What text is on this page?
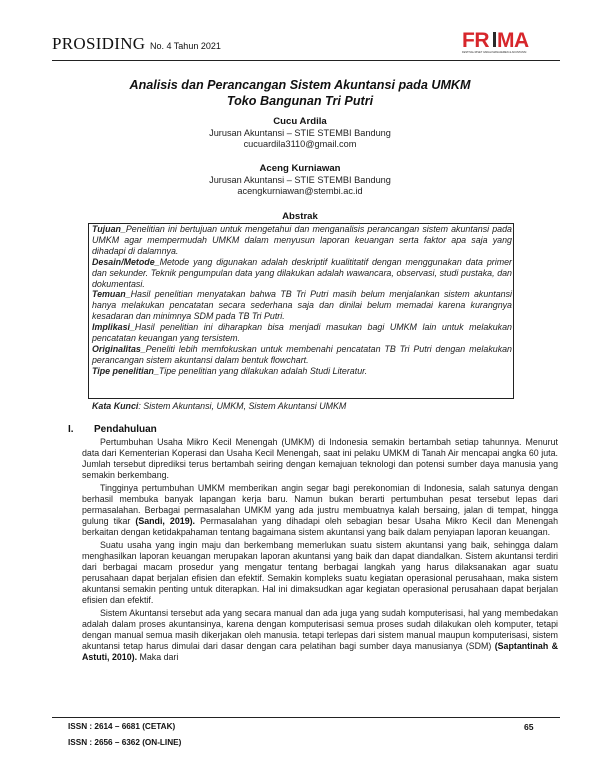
PROSIDING No. 4 Tahun 2021	FR MA
FESTIVAL RISET ILMIAH MANAJEMEN & AKUNTANSI
Analisis dan Perancangan Sistem Akuntansi pada UMKM
Toko Bangunan Tri Putri
Cucu Ardila
Jurusan Akuntansi – STIE STEMBI Bandung
cucuardila3110@gmail.com
Aceng Kurniawan
Jurusan Akuntansi – STIE STEMBI Bandung
acengkurniawan@stembi.ac.id
Abstrak

Tujuan_Penelitian ini bertujuan untuk mengetahui dan menganalisis perancangan sistem akuntansi pada UMKM agar mempermudah UMKM dalam menyusun laporan keuangan serta faktor apa saja yang dihadapi di dalamnya.

Desain/Metode_Metode yang digunakan adalah deskriptif kualititatif dengan menggunakan data primer dan sekunder. Teknik pengumpulan data yang dilakukan adalah wawancara, observasi, studi pustaka, dan dokumentasi.

Temuan_Hasil penelitian menyatakan bahwa TB Tri Putri masih belum menjalankan sistem akuntansi hanya melakukan pencatatan secara sederhana saja dan dinilai belum memadai karena kurangnya kesadaran dan minimnya SDM pada TB Tri Putri.

Implikasi_Hasil penelitian ini diharapkan bisa menjadi masukan bagi UMKM lain untuk melakukan pencatatan keuangan yang tersistem.

Originalitas_Peneliti lebih memfokuskan untuk membenahi pencatatan TB Tri Putri dengan melakukan perancangan sistem akuntansi dalam bentuk flowchart.

Tipe penelitian_Tipe penelitian yang dilakukan adalah Studi Literatur.

Kata Kunci: Sistem Akuntansi, UMKM, Sistem Akuntansi UMKM
I. Pendahuluan

Pertumbuhan Usaha Mikro Kecil Menengah (UMKM) di Indonesia semakin bertambah setiap tahunnya. Menurut data dari Kementerian Koperasi dan Usaha Kecil Menengah, saat ini pelaku UMKM di Tanah Air mencapai angka 60 juta. Jumlah tersebut diprediksi terus bertambah seiring dengan kemajuan teknologi dan potensi sumber daya manusia yang semakin berkembang.

Tingginya pertumbuhan UMKM memberikan angin segar bagi perekonomian di Indonesia, salah satunya dengan berhasil membuka banyak lapangan kerja baru. Namun bukan berarti pertumbuhan pesat tersebut lepas dari permasalahan. Berbagai permasalahan UMKM yang ada justru membuatnya kalah bersaing, jalan di tempat, hingga gulung tikar (Sandi, 2019). Permasalahan yang dihadapi oleh sebagian besar Usaha Mikro Kecil dan Menengah berkaitan dengan ketidakpahaman tentang bagaimana sistem akuntansi yang baik dalam penyiapan laporan keuangan.

Suatu usaha yang ingin maju dan berkembang memerlukan suatu sistem akuntansi yang baik, sehingga dalam menghasilkan laporan keuangan merupakan laporan akuntansi yang baik dan dapat diandalkan. Sistem akuntansi terdiri dari berbagai macam prosedur yang mengatur tentang berbagai langkah yang harus dilaksanakan agar suatu perusahaan dapat berjalan efisien dan efektif. Semakin kompleks suatu kegiatan operasional perusahaan, maka sistem akuntansi semakin penting untuk diterapkan. Hal ini dimaksudkan agar kegiatan operasional perusahaan dapat berjalan efisien dan efektif.

Sistem Akuntansi tersebut ada yang secara manual dan ada juga yang sudah komputerisasi, hal yang membedakan adalah dalam proses akuntansinya, karena dengan komputerisasi semua proses sudah dilakukan oleh komputer, tetapi dengan manual semua masih dikerjakan oleh manusia. tetapi terlepas dari sistem manual maupun komputerisasi, sistem akuntansi tetap harus dimulai dari dasar dengan cara pelatihan bagi sumber daya manusianya (SDM) (Saptantinah & Astuti, 2010). Maka dari

ISSN : 2614 – 6681 (CETAK)
ISSN : 2656 – 6362 (ON-LINE)
65
